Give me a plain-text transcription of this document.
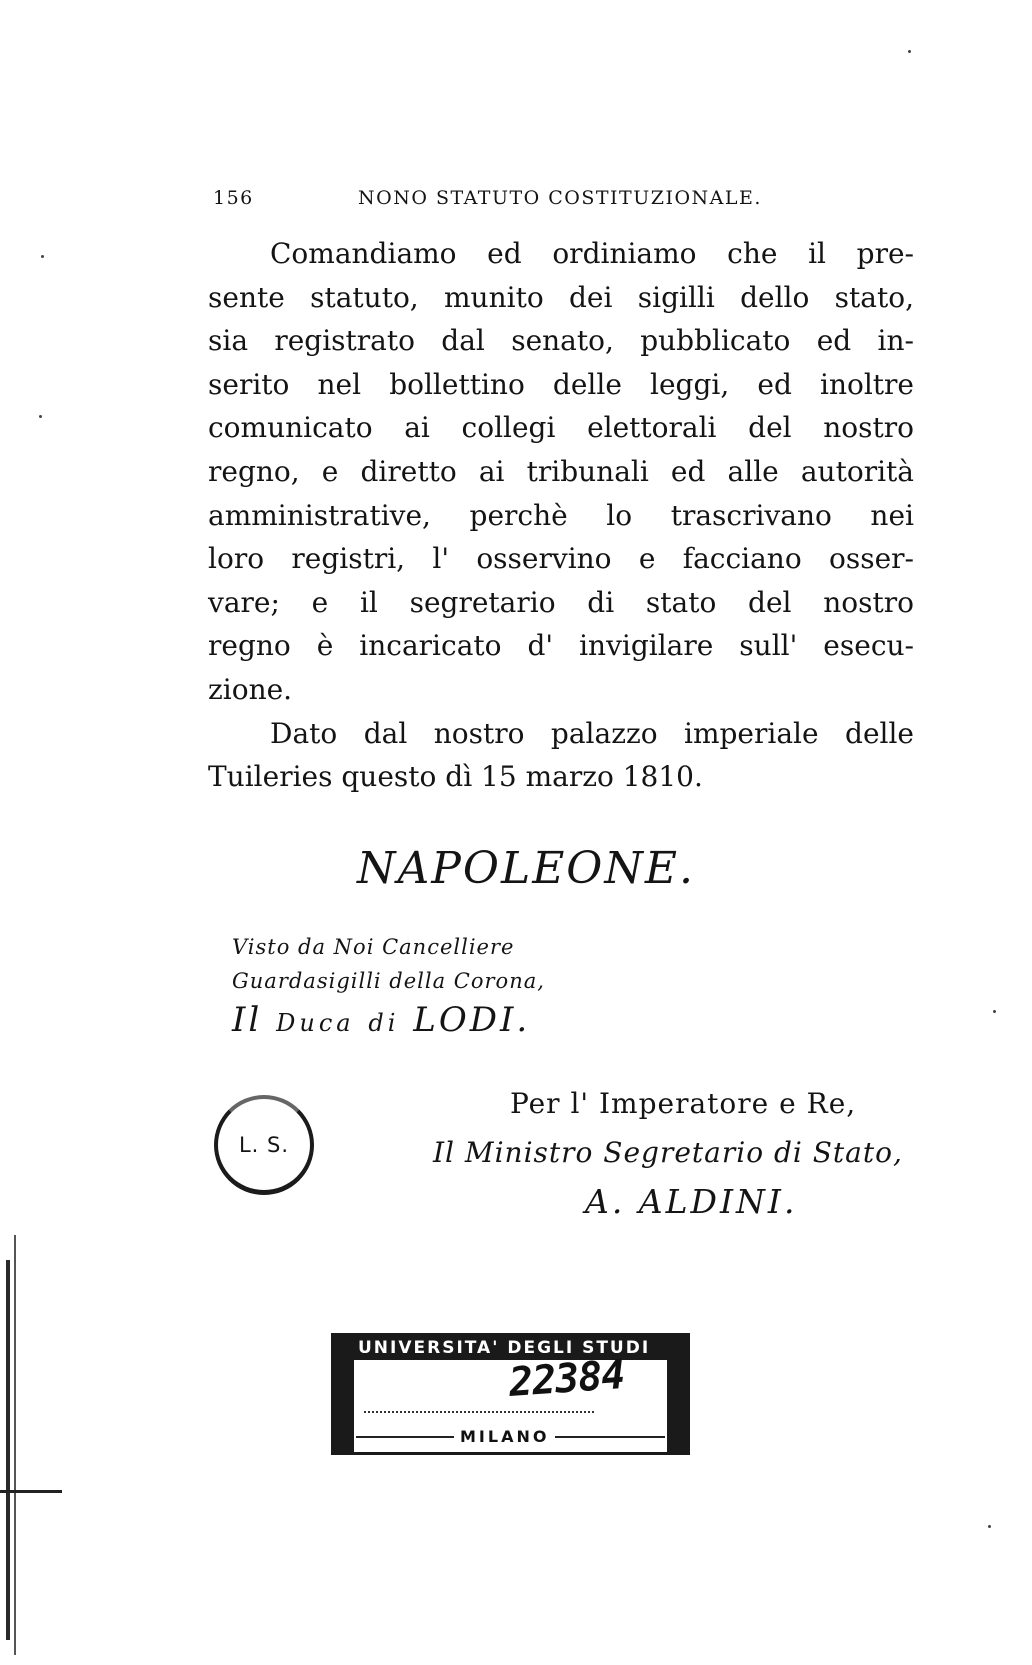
156	NONO STATUTO COSTITUZIONALE.
Comandiamo ed ordiniamo che il pre-
sente statuto, munito dei sigilli dello stato,
sia registrato dal senato, pubblicato ed in-
serito nel bollettino delle leggi, ed inoltre
comunicato ai collegi elettorali del nostro
regno, e diretto ai tribunali ed alle autorità
amministrative, perchè lo trascrivano nei
loro registri, l' osservino e facciano osser-
vare; e il segretario di stato del nostro
regno è incaricato d' invigilare sull' esecu-
zione.
Dato dal nostro palazzo imperiale delle
Tuileries questo dì 15 marzo 1810.
NAPOLEONE.
Visto da Noi Cancelliere
Guardasigilli della Corona,
Il Duca di LODI.
L. S.
Per l' Imperatore e Re,
Il Ministro Segretario di Stato,
A. ALDINI.
UNIVERSITA' DEGLI STUDI
22384
MILANO
